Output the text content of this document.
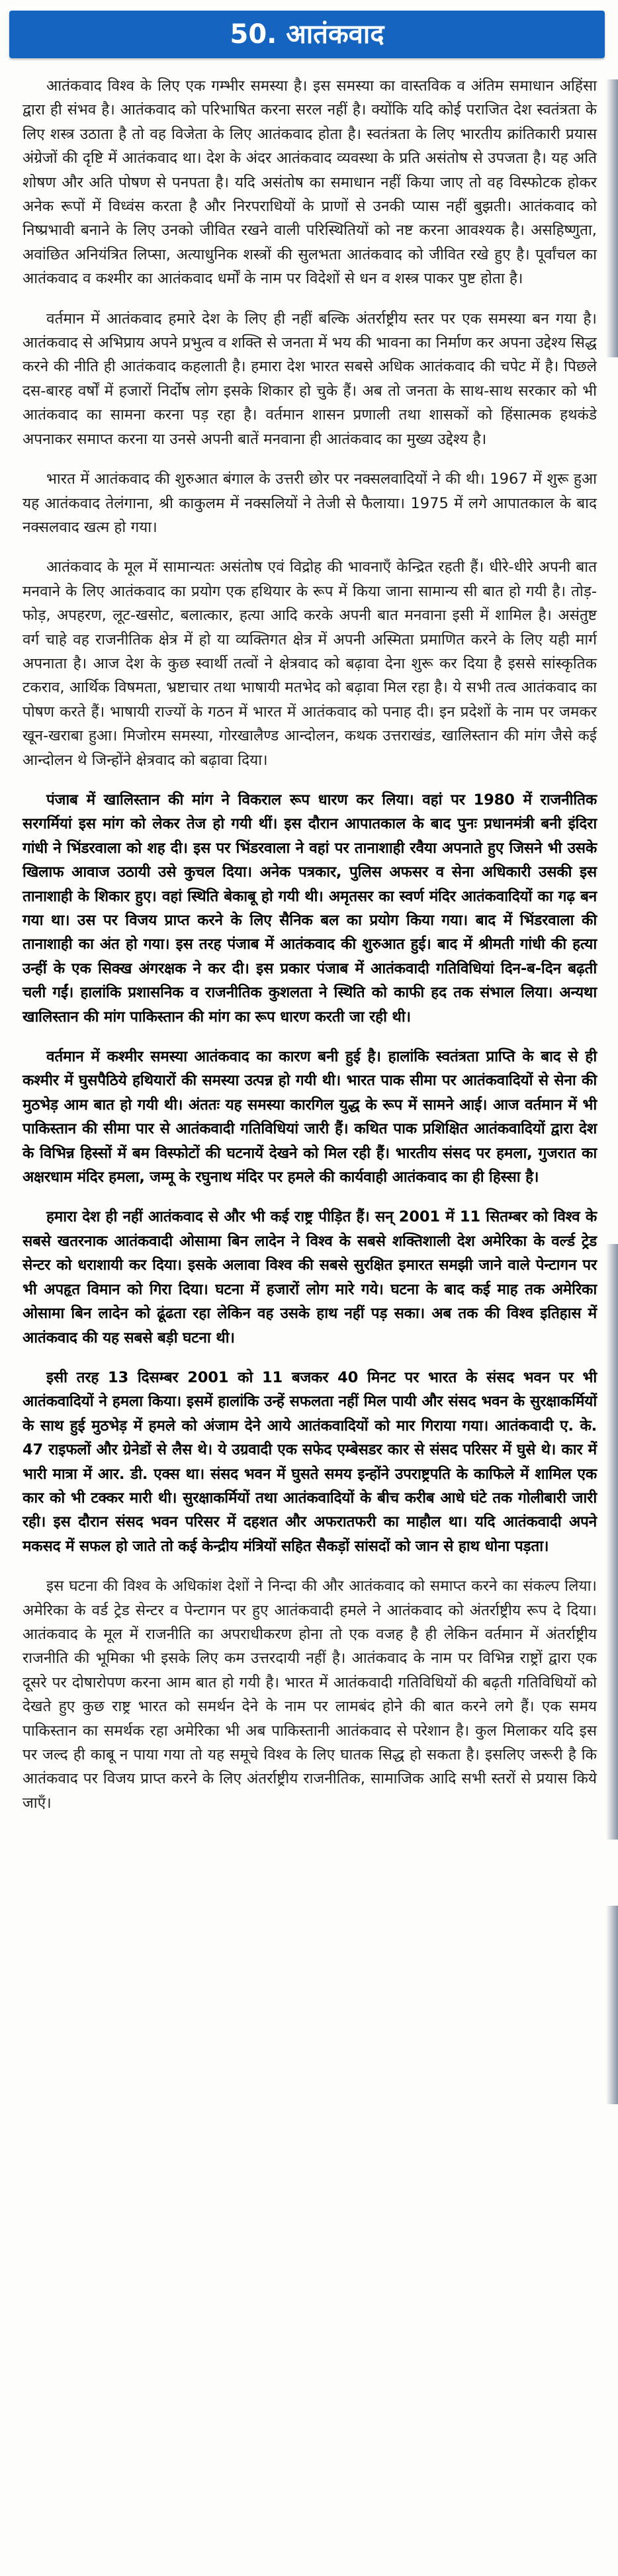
50. आतंकवाद

आतंकवाद विश्व के लिए एक गम्भीर समस्या है। इस समस्या का वास्तविक व अंतिम समाधान अहिंसा द्वारा ही संभव है। आतंकवाद को परिभाषित करना सरल नहीं है। क्योंकि यदि कोई पराजित देश स्वतंत्रता के लिए शस्त्र उठाता है तो वह विजेता के लिए आतंकवाद होता है। स्वतंत्रता के लिए भारतीय क्रांतिकारी प्रयास अंग्रेजों की दृष्टि में आतंकवाद था। देश के अंदर आतंकवाद व्यवस्था के प्रति असंतोष से उपजता है। यह अति शोषण और अति पोषण से पनपता है। यदि असंतोष का समाधान नहीं किया जाए तो वह विस्फोटक होकर अनेक रूपों में विध्वंस करता है और निरपराधियों के प्राणों से उनकी प्यास नहीं बुझती। आतंकवाद को निष्प्रभावी बनाने के लिए उनको जीवित रखने वाली परिस्थितियों को नष्ट करना आवश्यक है। असहिष्णुता, अवांछित अनियंत्रित लिप्सा, अत्याधुनिक शस्त्रों की सुलभता आतंकवाद को जीवित रखे हुए है। पूर्वांचल का आतंकवाद व कश्मीर का आतंकवाद धर्मों के नाम पर विदेशों से धन व शस्त्र पाकर पुष्ट होता है।

वर्तमान में आतंकवाद हमारे देश के लिए ही नहीं बल्कि अंतर्राष्ट्रीय स्तर पर एक समस्या बन गया है। आतंकवाद से अभिप्राय अपने प्रभुत्व व शक्ति से जनता में भय की भावना का निर्माण कर अपना उद्देश्य सिद्ध करने की नीति ही आतंकवाद कहलाती है। हमारा देश भारत सबसे अधिक आतंकवाद की चपेट में है। पिछले दस-बारह वर्षों में हजारों निर्दोष लोग इसके शिकार हो चुके हैं। अब तो जनता के साथ-साथ सरकार को भी आतंकवाद का सामना करना पड़ रहा है। वर्तमान शासन प्रणाली तथा शासकों को हिंसात्मक हथकंडे अपनाकर समाप्त करना या उनसे अपनी बातें मनवाना ही आतंकवाद का मुख्य उद्देश्य है।

भारत में आतंकवाद की शुरुआत बंगाल के उत्तरी छोर पर नक्सलवादियों ने की थी। 1967 में शुरू हुआ यह आतंकवाद तेलंगाना, श्री काकुलम में नक्सलियों ने तेजी से फैलाया। 1975 में लगे आपातकाल के बाद नक्सलवाद खत्म हो गया।

आतंकवाद के मूल में सामान्यतः असंतोष एवं विद्रोह की भावनाएँ केन्द्रित रहती हैं। धीरे-धीरे अपनी बात मनवाने के लिए आतंकवाद का प्रयोग एक हथियार के रूप में किया जाना सामान्य सी बात हो गयी है। तोड़-फोड़, अपहरण, लूट-खसोट, बलात्कार, हत्या आदि करके अपनी बात मनवाना इसी में शामिल है। असंतुष्ट वर्ग चाहे वह राजनीतिक क्षेत्र में हो या व्यक्तिगत क्षेत्र में अपनी अस्मिता प्रमाणित करने के लिए यही मार्ग अपनाता है। आज देश के कुछ स्वार्थी तत्वों ने क्षेत्रवाद को बढ़ावा देना शुरू कर दिया है इससे सांस्कृतिक टकराव, आर्थिक विषमता, भ्रष्टाचार तथा भाषायी मतभेद को बढ़ावा मिल रहा है। ये सभी तत्व आतंकवाद का पोषण करते हैं। भाषायी राज्यों के गठन में भारत में आतंकवाद को पनाह दी। इन प्रदेशों के नाम पर जमकर खून-खराबा हुआ। मिजोरम समस्या, गोरखालैण्ड आन्दोलन, कथक उत्तराखंड, खालिस्तान की मांग जैसे कई आन्दोलन थे जिन्होंने क्षेत्रवाद को बढ़ावा दिया।

पंजाब में खालिस्तान की मांग ने विकराल रूप धारण कर लिया। वहां पर 1980 में राजनीतिक सरगर्मियां इस मांग को लेकर तेज हो गयी थीं। इस दौरान आपातकाल के बाद पुनः प्रधानमंत्री बनी इंदिरा गांधी ने भिंडरवाला को शह दी। इस पर भिंडरवाला ने वहां पर तानाशाही रवैया अपनाते हुए जिसने भी उसके खिलाफ आवाज उठायी उसे कुचल दिया। अनेक पत्रकार, पुलिस अफसर व सेना अधिकारी उसकी इस तानाशाही के शिकार हुए। वहां स्थिति बेकाबू हो गयी थी। अमृतसर का स्वर्ण मंदिर आतंकवादियों का गढ़ बन गया था। उस पर विजय प्राप्त करने के लिए सैनिक बल का प्रयोग किया गया। बाद में भिंडरवाला की तानाशाही का अंत हो गया। इस तरह पंजाब में आतंकवाद की शुरुआत हुई। बाद में श्रीमती गांधी की हत्या उन्हीं के एक सिक्ख अंगरक्षक ने कर दी। इस प्रकार पंजाब में आतंकवादी गतिविधियां दिन-ब-दिन बढ़ती चली गईं। हालांकि प्रशासनिक व राजनीतिक कुशलता ने स्थिति को काफी हद तक संभाल लिया। अन्यथा खालिस्तान की मांग पाकिस्तान की मांग का रूप धारण करती जा रही थी।

वर्तमान में कश्मीर समस्या आतंकवाद का कारण बनी हुई है। हालांकि स्वतंत्रता प्राप्ति के बाद से ही कश्मीर में घुसपैठिये हथियारों की समस्या उत्पन्न हो गयी थी। भारत पाक सीमा पर आतंकवादियों से सेना की मुठभेड़ आम बात हो गयी थी। अंततः यह समस्या कारगिल युद्ध के रूप में सामने आई। आज वर्तमान में भी पाकिस्तान की सीमा पार से आतंकवादी गतिविधियां जारी हैं। कथित पाक प्रशिक्षित आतंकवादियों द्वारा देश के विभिन्न हिस्सों में बम विस्फोटों की घटनायें देखने को मिल रही हैं। भारतीय संसद पर हमला, गुजरात का अक्षरधाम मंदिर हमला, जम्मू के रघुनाथ मंदिर पर हमले की कार्यवाही आतंकवाद का ही हिस्सा है।

हमारा देश ही नहीं आतंकवाद से और भी कई राष्ट्र पीड़ित हैं। सन् 2001 में 11 सितम्बर को विश्व के सबसे खतरनाक आतंकवादी ओसामा बिन लादेन ने विश्व के सबसे शक्तिशाली देश अमेरिका के वर्ल्ड ट्रेड सेन्टर को धराशायी कर दिया। इसके अलावा विश्व की सबसे सुरक्षित इमारत समझी जाने वाले पेन्टागन पर भी अपहृत विमान को गिरा दिया। घटना में हजारों लोग मारे गये। घटना के बाद कई माह तक अमेरिका ओसामा बिन लादेन को ढूंढता रहा लेकिन वह उसके हाथ नहीं पड़ सका। अब तक की विश्व इतिहास में आतंकवाद की यह सबसे बड़ी घटना थी।

इसी तरह 13 दिसम्बर 2001 को 11 बजकर 40 मिनट पर भारत के संसद भवन पर भी आतंकवादियों ने हमला किया। इसमें हालांकि उन्हें सफलता नहीं मिल पायी और संसद भवन के सुरक्षाकर्मियों के साथ हुई मुठभेड़ में हमले को अंजाम देने आये आतंकवादियों को मार गिराया गया। आतंकवादी ए. के. 47 राइफलों और ग्रेनेडों से लैस थे। ये उग्रवादी एक सफेद एम्बेसडर कार से संसद परिसर में घुसे थे। कार में भारी मात्रा में आर. डी. एक्स था। संसद भवन में घुसते समय इन्होंने उपराष्ट्रपति के काफिले में शामिल एक कार को भी टक्कर मारी थी। सुरक्षाकर्मियों तथा आतंकवादियों के बीच करीब आधे घंटे तक गोलीबारी जारी रही। इस दौरान संसद भवन परिसर में दहशत और अफरातफरी का माहौल था। यदि आतंकवादी अपने मकसद में सफल हो जाते तो कई केन्द्रीय मंत्रियों सहित सैकड़ों सांसदों को जान से हाथ धोना पड़ता।

इस घटना की विश्व के अधिकांश देशों ने निन्दा की और आतंकवाद को समाप्त करने का संकल्प लिया। अमेरिका के वर्ड ट्रेड सेन्टर व पेन्टागन पर हुए आतंकवादी हमले ने आतंकवाद को अंतर्राष्ट्रीय रूप दे दिया। आतंकवाद के मूल में राजनीति का अपराधीकरण होना तो एक वजह है ही लेकिन वर्तमान में अंतर्राष्ट्रीय राजनीति की भूमिका भी इसके लिए कम उत्तरदायी नहीं है। आतंकवाद के नाम पर विभिन्न राष्ट्रों द्वारा एक दूसरे पर दोषारोपण करना आम बात हो गयी है। भारत में आतंकवादी गतिविधियों की बढ़ती गतिविधियों को देखते हुए कुछ राष्ट्र भारत को समर्थन देने के नाम पर लामबंद होने की बात करने लगे हैं। एक समय पाकिस्तान का समर्थक रहा अमेरिका भी अब पाकिस्तानी आतंकवाद से परेशान है। कुल मिलाकर यदि इस पर जल्द ही काबू न पाया गया तो यह समूचे विश्व के लिए घातक सिद्ध हो सकता है। इसलिए जरूरी है कि आतंकवाद पर विजय प्राप्त करने के लिए अंतर्राष्ट्रीय राजनीतिक, सामाजिक आदि सभी स्तरों से प्रयास किये जाएँ।
